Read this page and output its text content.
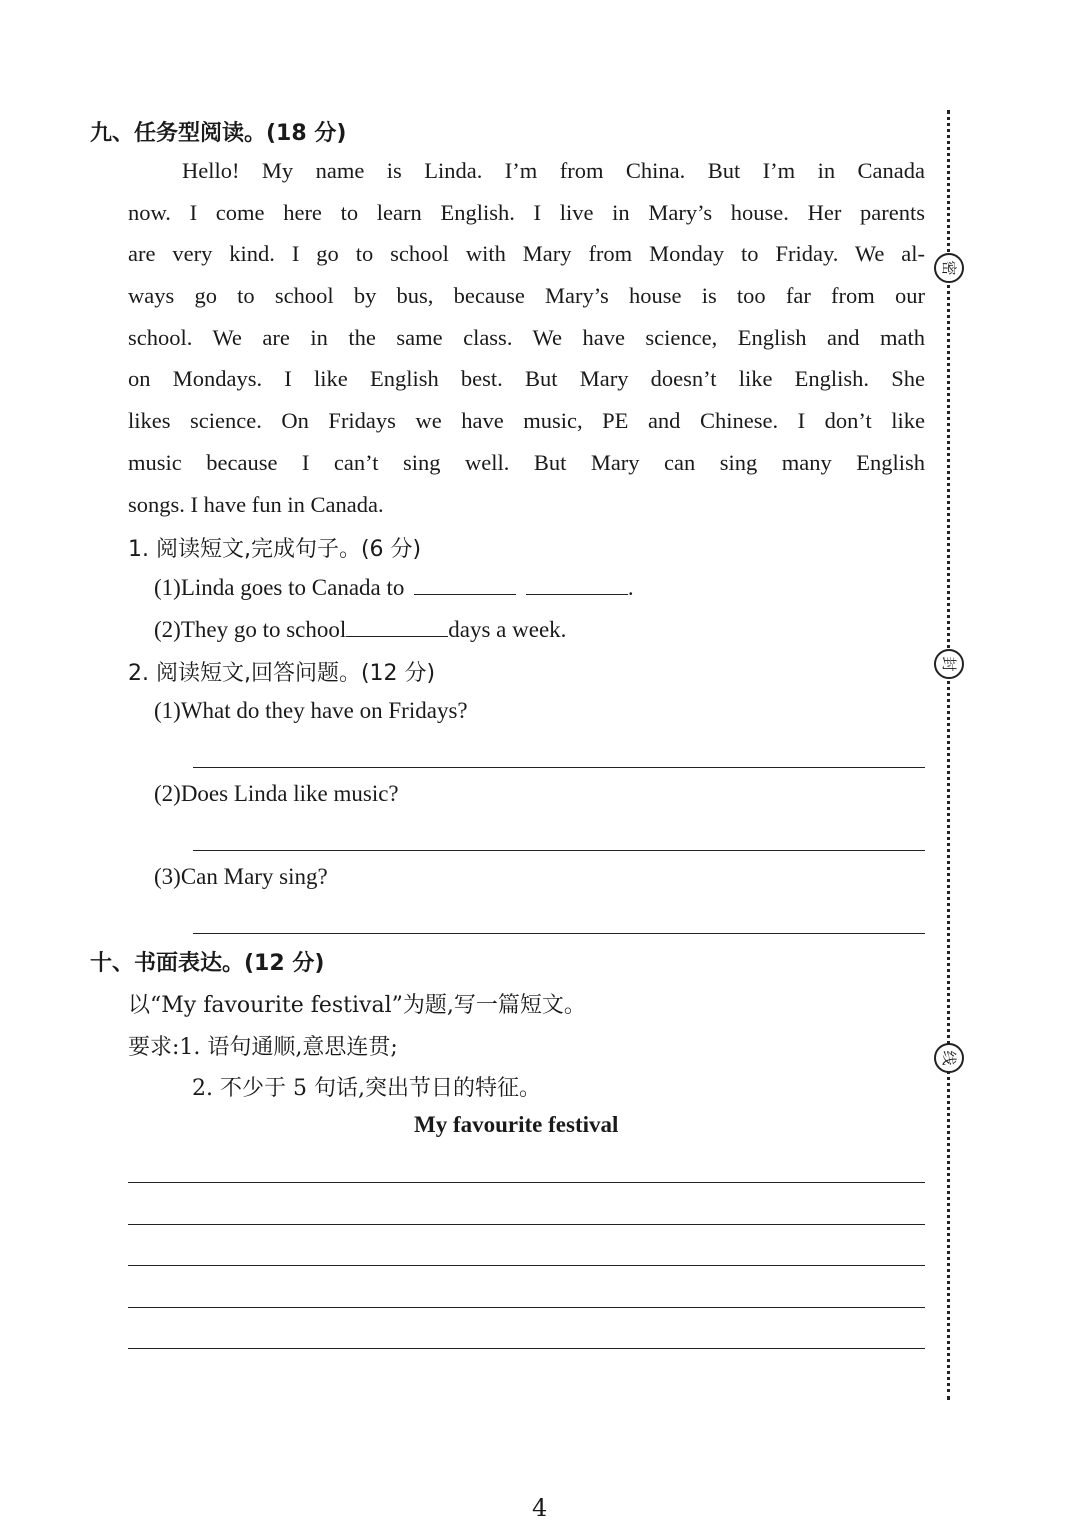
九、任务型阅读。(18 分)
Hello! My name is Linda. I’m from China. But I’m in Canada
now. I come here to learn English. I live in Mary’s house. Her parents
are very kind. I go to school with Mary from Monday to Friday. We al-
ways go to school by bus, because Mary’s house is too far from our
school. We are in the same class. We have science, English and math
on Mondays. I like English best. But Mary doesn’t like English. She
likes science. On Fridays we have music, PE and Chinese. I don’t like
music because I can’t sing well. But Mary can sing many English
songs. I have fun in Canada.
1. 阅读短文,完成句子。(6 分)
(1)Linda goes to Canada to	.
(2)They go to school	days a week.
2. 阅读短文,回答问题。(12 分)
(1)What do they have on Fridays?
(2)Does Linda like music?
(3)Can Mary sing?
十、书面表达。(12 分)
以“My favourite festival”为题,写一篇短文。
要求:1. 语句通顺,意思连贯;
2. 不少于 5 句话,突出节日的特征。
My favourite festival
密
封
线
4
